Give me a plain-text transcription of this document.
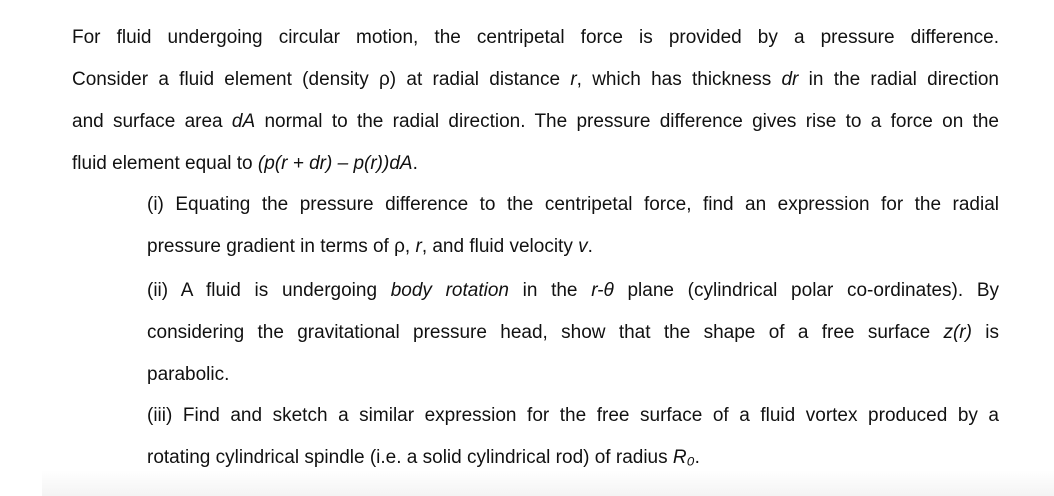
For fluid undergoing circular motion, the centripetal force is provided by a pressure difference.
Consider a fluid element (density ρ) at radial distance r, which has thickness dr in the radial direction
and surface area dA normal to the radial direction. The pressure difference gives rise to a force on the
fluid element equal to (p(r + dr) – p(r))dA.
(i) Equating the pressure difference to the centripetal force, find an expression for the radial
pressure gradient in terms of ρ, r, and fluid velocity v.
(ii) A fluid is undergoing body rotation in the r-θ plane (cylindrical polar co-ordinates). By
considering the gravitational pressure head, show that the shape of a free surface z(r) is
parabolic.
(iii) Find and sketch a similar expression for the free surface of a fluid vortex produced by a
rotating cylindrical spindle (i.e. a solid cylindrical rod) of radius R₀.
